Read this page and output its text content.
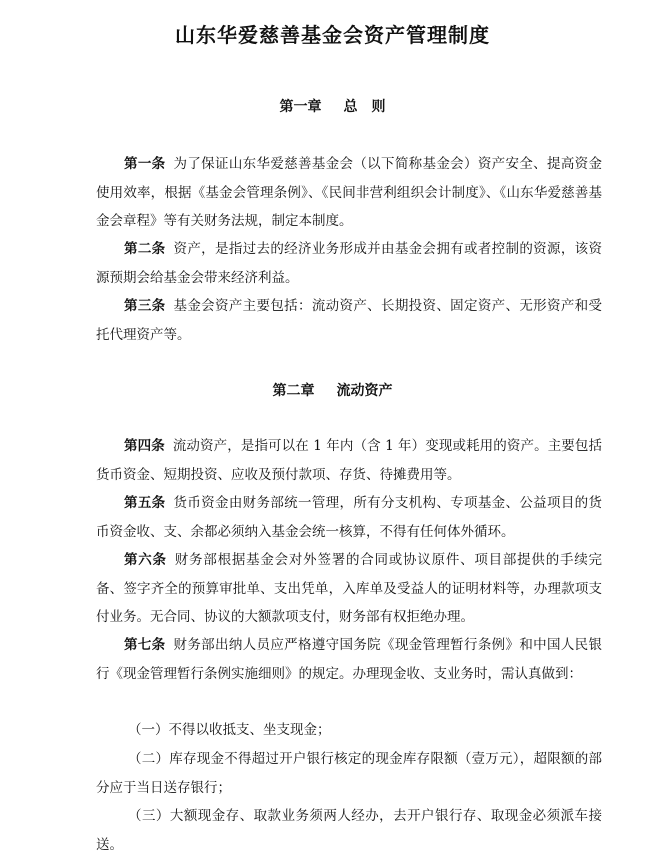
山东华爱慈善基金会资产管理制度
第一章 总　则

第一条 为了保证山东华爱慈善基金会（以下简称基金会）资产安全、提高资金使用效率，根据《基金会管理条例》、《民间非营利组织会计制度》、《山东华爱慈善基金会章程》等有关财务法规，制定本制度。

第二条 资产，是指过去的经济业务形成并由基金会拥有或者控制的资源，该资源预期会给基金会带来经济利益。

第三条 基金会资产主要包括：流动资产、长期投资、固定资产、无形资产和受托代理资产等。

第二章 流动资产

第四条 流动资产，是指可以在 1 年内（含 1 年）变现或耗用的资产。主要包括货币资金、短期投资、应收及预付款项、存货、待摊费用等。

第五条 货币资金由财务部统一管理，所有分支机构、专项基金、公益项目的货币资金收、支、余都必须纳入基金会统一核算，不得有任何体外循环。

第六条 财务部根据基金会对外签署的合同或协议原件、项目部提供的手续完备、签字齐全的预算审批单、支出凭单，入库单及受益人的证明材料等，办理款项支付业务。无合同、协议的大额款项支付，财务部有权拒绝办理。

第七条 财务部出纳人员应严格遵守国务院《现金管理暂行条例》和中国人民银行《现金管理暂行条例实施细则》的规定。办理现金收、支业务时，需认真做到：

（一）不得以收抵支、坐支现金；

（二）库存现金不得超过开户银行核定的现金库存限额（壹万元），超限额的部分应于当日送存银行；

（三）大额现金存、取款业务须两人经办，去开户银行存、取现金必须派车接送。
